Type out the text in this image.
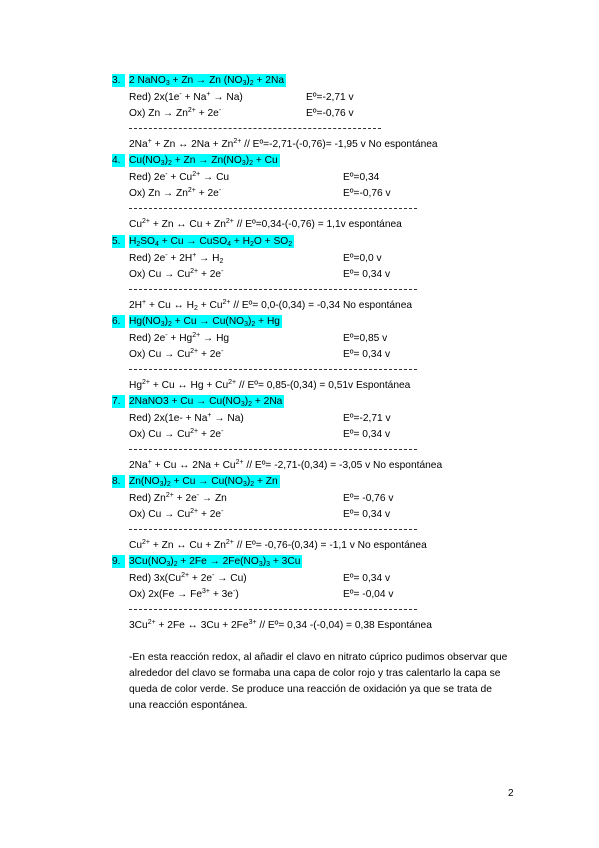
3. 2 NaNO$_3$ + Zn → Zn $(NO_3)_2 + 2Na$
Red) 2x(1e- + Na+ → Na)	Eº=-2,71 v
Ox) $Zn \to Zn^{2+} + 2e^-$	Eº=-0,76 v
2Na+ + Zn ↔ $2Na + Zn^{2+}$ // Eº=-2,71-(-0,76)= -1,95 v No espontánea
4. $Cu(NO_3)_2 + Zn \to Zn(NO_3)_2 + Cu$
Red) $2e^- + Cu^{2+} \to Cu$	Eº=0,34
Ox) $Zn \to Zn^{2+} + 2e^-$	Eº=-0,76 v
$Cu^{2+} + Zn$ ↔ $Cu + Zn^{2+}$ // Eº=0,34-(-0,76) = 1,1v espontánea
5. $H_2SO_4 + Cu$ → CuSO$_4$ + $H_2O + SO_2$
Red) $2e^- + 2H^+ \to H_2$	Eº=0,0 v
Ox) $Cu \to Cu^{2+} + 2e^-$	Eº= 0,34 v
2H+ + Cu ↔ $H_2 + Cu^{2+}$ // Eº= 0,0-(0,34) = -0,34 No espontánea
6. $Hg(NO_3)_2 + Cu \to Cu(NO_3)_2 + Hg$
Red) $2e^- + Hg^{2+} \to Hg$	Eº=0,85 v
Ox) $Cu \to Cu^{2+} + 2e^-$	Eº= 0,34 v
$Hg^{2+} + Cu$ ↔ $Hg + Cu^{2+}$ // Eº= 0,85-(0,34) = 0,51v Espontánea
7. 2NaNO3 + $Cu \to Cu(NO_3)_2 + 2Na$
Red) 2x(1e- + Na+ → Na)	Eº=-2,71 v
Ox) $Cu \to Cu^{2+} + 2e^-$	Eº= 0,34 v
2Na+ + Cu ↔ $2Na + Cu^{2+}$ // Eº= -2,71-(0,34) = -3,05 v No espontánea
8. $Zn(NO_3)_2 + Cu \to Cu(NO_3)_2 + Zn$
Red) $Zn^{2+} + 2e^- \to Zn$	Eº= -0,76 v
Ox) $Cu \to Cu^{2+} + 2e^-$	Eº= 0,34 v
$Cu^{2+} + Zn$ ↔ $Cu + Zn^{2+}$ // Eº= -0,76-(0,34) = -1,1 v No espontánea
9. $3Cu(NO_3)_2 + 2Fe \to 2Fe(NO_3)_3 + 3Cu$
Red) $3x(Cu^{2+} + 2e^- \to Cu)$	Eº= 0,34 v
Ox) $2x(Fe \to Fe^{3+} + 3e^-)$	Eº= -0,04 v
$3Cu^{2+} + 2Fe$ ↔ $3Cu + 2Fe^{3+}$ // Eº= 0,34 -(-0,04) = 0,38 Espontánea
-En esta reacción redox, al añadir el clavo en nitrato cúprico pudimos observar que alrededor del clavo se formaba una capa de color rojo y tras calentarlo la capa se queda de color verde. Se produce una reacción de oxidación ya que se trata de una reacción espontánea.
2
